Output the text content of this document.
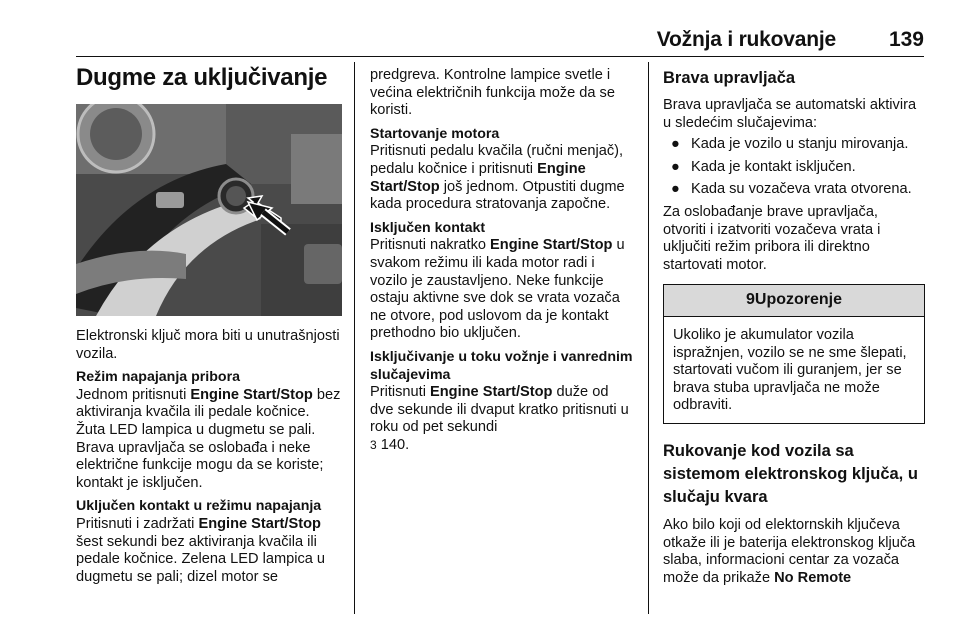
Vožnja i rukovanje	139
Dugme za uključivanje

Elektronski ključ mora biti u unutrašnjosti vozila.

Režim napajanja pribora

Jednom pritisnuti Engine Start/Stop bez aktiviranja kvačila ili pedale kočnice. Žuta LED lampica u dugmetu se pali. Brava upravljača se oslobađa i neke električne funkcije mogu da se koriste; kontakt je isključen.

Uključen kontakt u režimu napajanja

Pritisnuti i zadržati Engine Start/Stop šest sekundi bez aktiviranja kvačila ili pedale kočnice. Zelena LED lampica u dugmetu se pali; dizel motor se

predgreva. Kontrolne lampice svetle i većina električnih funkcija može da se koristi.

Startovanje motora

Pritisnuti pedalu kvačila (ručni menjač), pedalu kočnice i pritisnuti Engine Start/Stop još jednom. Otpustiti dugme kada procedura stratovanja započne.

Isključen kontakt

Pritisnuti nakratko Engine Start/Stop u svakom režimu ili kada motor radi i vozilo je zaustavljeno. Neke funkcije ostaju aktivne sve dok se vrata vozača ne otvore, pod uslovom da je kontakt prethodno bio uključen.

Isključivanje u toku vožnje i vanrednim slučajevima

Pritisnuti Engine Start/Stop duže od dve sekunde ili dvaput kratko pritisnuti u roku od pet sekundi
3 140.

Brava upravljača

Brava upravljača se automatski aktivira u sledećim slučajevima:

● Kada je vozilo u stanju mirovanja.
● Kada je kontakt isključen.
● Kada su vozačeva vrata otvorena.

Za oslobađanje brave upravljača, otvoriti i izatvoriti vozačeva vrata i uključiti režim pribora ili direktno startovati motor.

9Upozorenje
Ukoliko je akumulator vozila ispražnjen, vozilo se ne sme šlepati, startovati vučom ili guranjem, jer se brava stuba upravljača ne može odbraviti.
Rukovanje kod vozila sa sistemom elektronskog ključa, u slučaju kvara

Ako bilo koji od elektornskih ključeva otkaže ili je baterija elektronskog ključa slaba, informacioni centar za vozača može da prikaže No Remote
